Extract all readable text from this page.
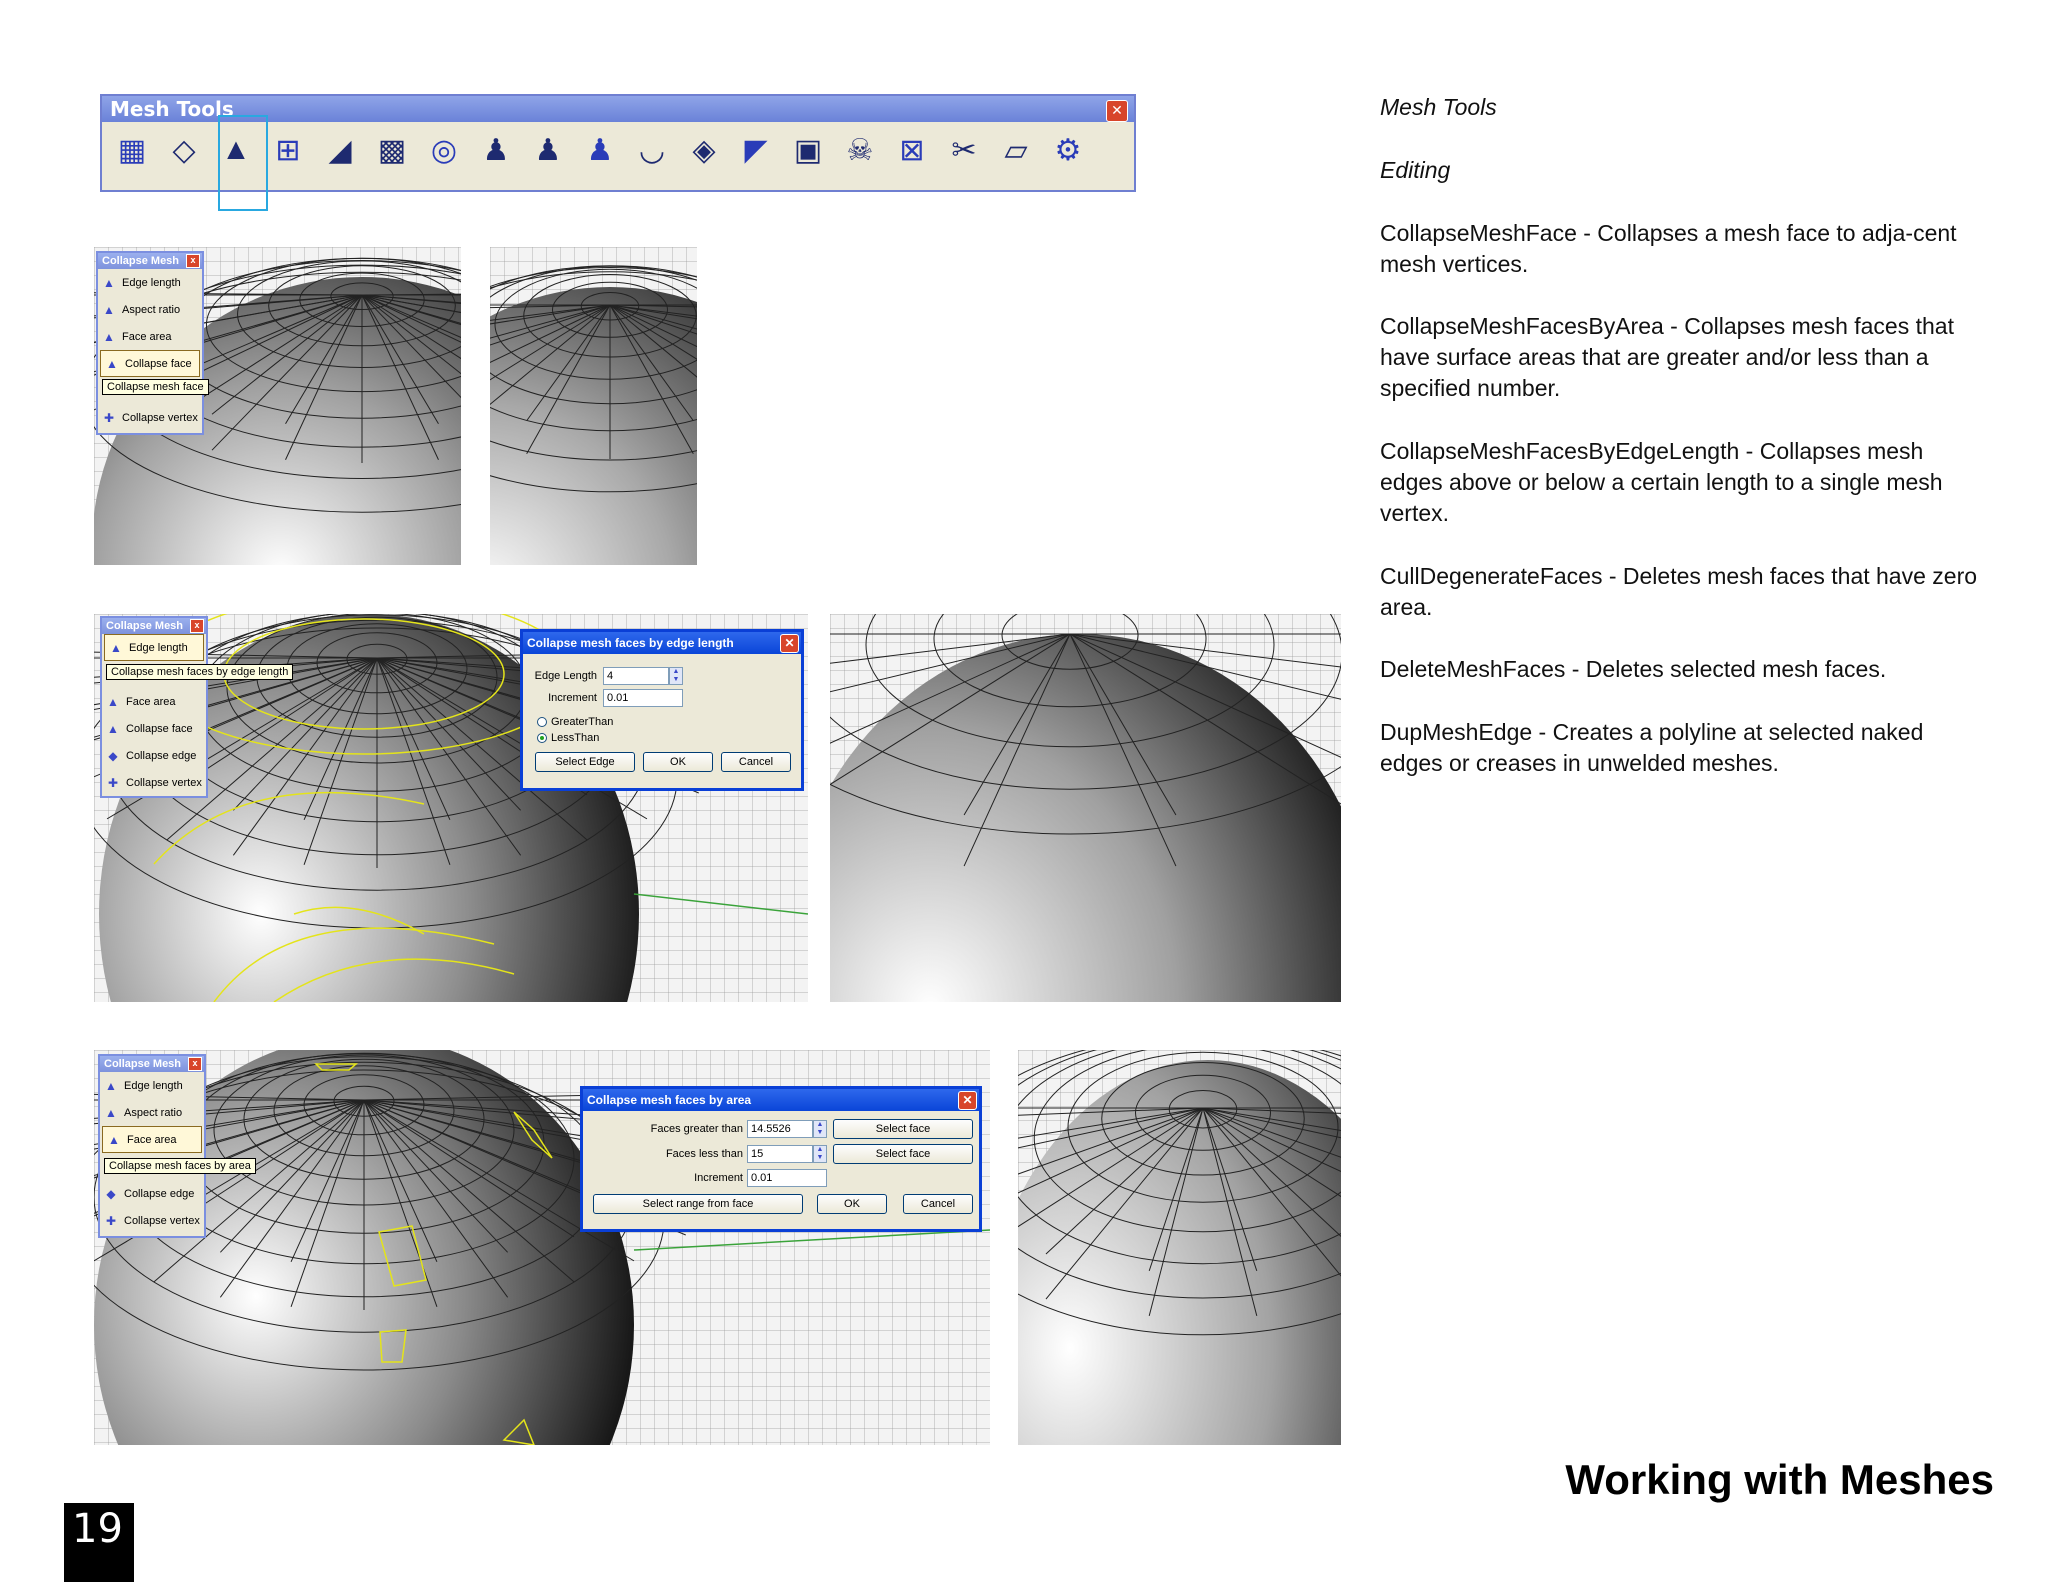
Mesh Tools	✕
▦ ◇ ▲ ⊞ ◢ ▩ ◎ ♟ ♟ ♟ ◡ ◈ ◤ ▣ ☠ ⊠ ✂ ▱ ⚙
Collapse Mesh	x
▲ Edge length
▲ Aspect ratio
▲ Face area
▲ Collapse face
✚ Collapse vertex
Collapse mesh face
Collapse Mesh	x
▲ Edge length
▲ Face area
▲ Collapse face
◆ Collapse edge
✚ Collapse vertex
Collapse mesh faces by edge length
Collapse mesh faces by edge length	✕
Edge Length 4	▲
▼
Increment 0.01
GreaterThan
LessThan
Select Edge	OK	Cancel
Collapse Mesh	x
▲ Edge length
▲ Aspect ratio
▲ Face area
◆ Collapse edge
✚ Collapse vertex
Collapse mesh faces by area
Collapse mesh faces by area	✕
Faces greater than 14.5526	▲
▼	Select face
Faces less than 15	▲
▼	Select face
Increment 0.01
Select range from face	OK	Cancel
Mesh Tools
Editing
CollapseMeshFace - Collapses a mesh face to adja-cent mesh vertices.
CollapseMeshFacesByArea - Collapses mesh faces that have surface areas that are greater and/or less than a specified number.
CollapseMeshFacesByEdgeLength - Collapses mesh edges above or below a certain length to a single mesh vertex.
CullDegenerateFaces - Deletes mesh faces that have zero area.
DeleteMeshFaces - Deletes selected mesh faces.
DupMeshEdge - Creates a polyline at selected naked edges or creases in unwelded meshes.
Working with Meshes
19
